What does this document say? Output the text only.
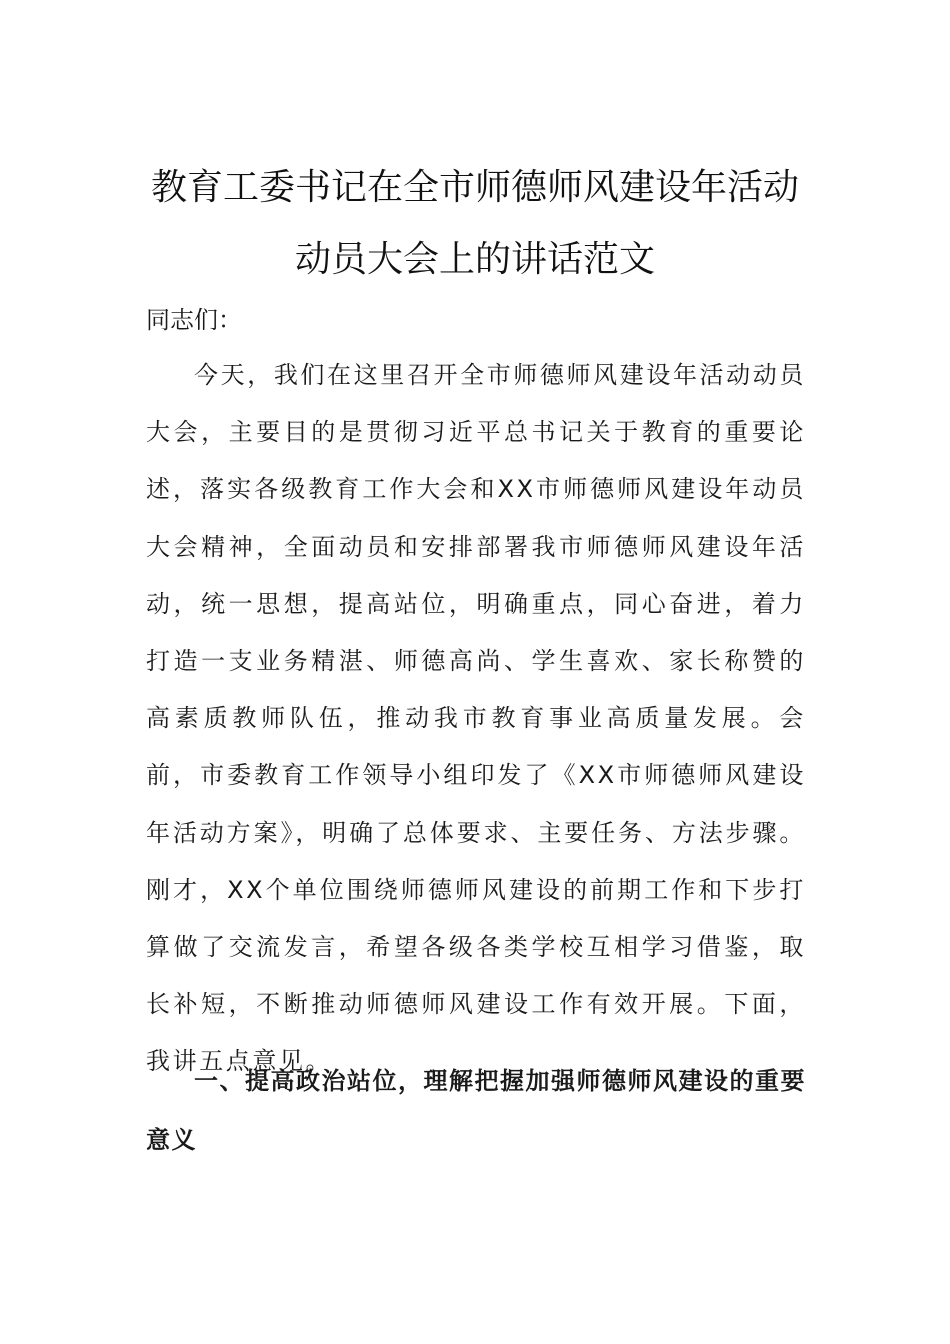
教育工委书记在全市师德师风建设年活动动员大会上的讲话范文
同志们：

今天，我们在这里召开全市师德师风建设年活动动员大会，主要目的是贯彻习近平总书记关于教育的重要论述，落实各级教育工作大会和XX市师德师风建设年动员大会精神，全面动员和安排部署我市师德师风建设年活动，统一思想，提高站位，明确重点，同心奋进，着力打造一支业务精湛、师德高尚、学生喜欢、家长称赞的高素质教师队伍，推动我市教育事业高质量发展。会前，市委教育工作领导小组印发了《XX市师德师风建设年活动方案》，明确了总体要求、主要任务、方法步骤。刚才，XX个单位围绕师德师风建设的前期工作和下步打算做了交流发言，希望各级各类学校互相学习借鉴，取长补短，不断推动师德师风建设工作有效开展。下面，我讲五点意见。

一、提高政治站位，理解把握加强师德师风建设的重要意义
